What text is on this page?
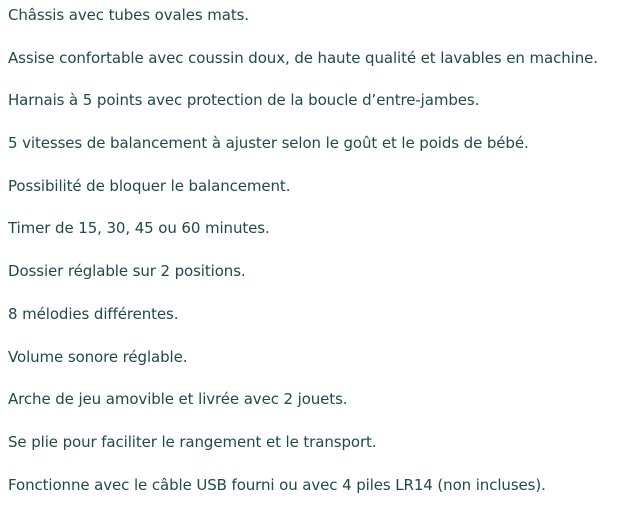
Châssis avec tubes ovales mats.
Assise confortable avec coussin doux, de haute qualité et lavables en machine.
Harnais à 5 points avec protection de la boucle d’entre-jambes.
5 vitesses de balancement à ajuster selon le goût et le poids de bébé.
Possibilité de bloquer le balancement.
Timer de 15, 30, 45 ou 60 minutes.
Dossier réglable sur 2 positions.
8 mélodies différentes.
Volume sonore réglable.
Arche de jeu amovible et livrée avec 2 jouets.
Se plie pour faciliter le rangement et le transport.
Fonctionne avec le câble USB fourni ou avec 4 piles LR14 (non incluses).
